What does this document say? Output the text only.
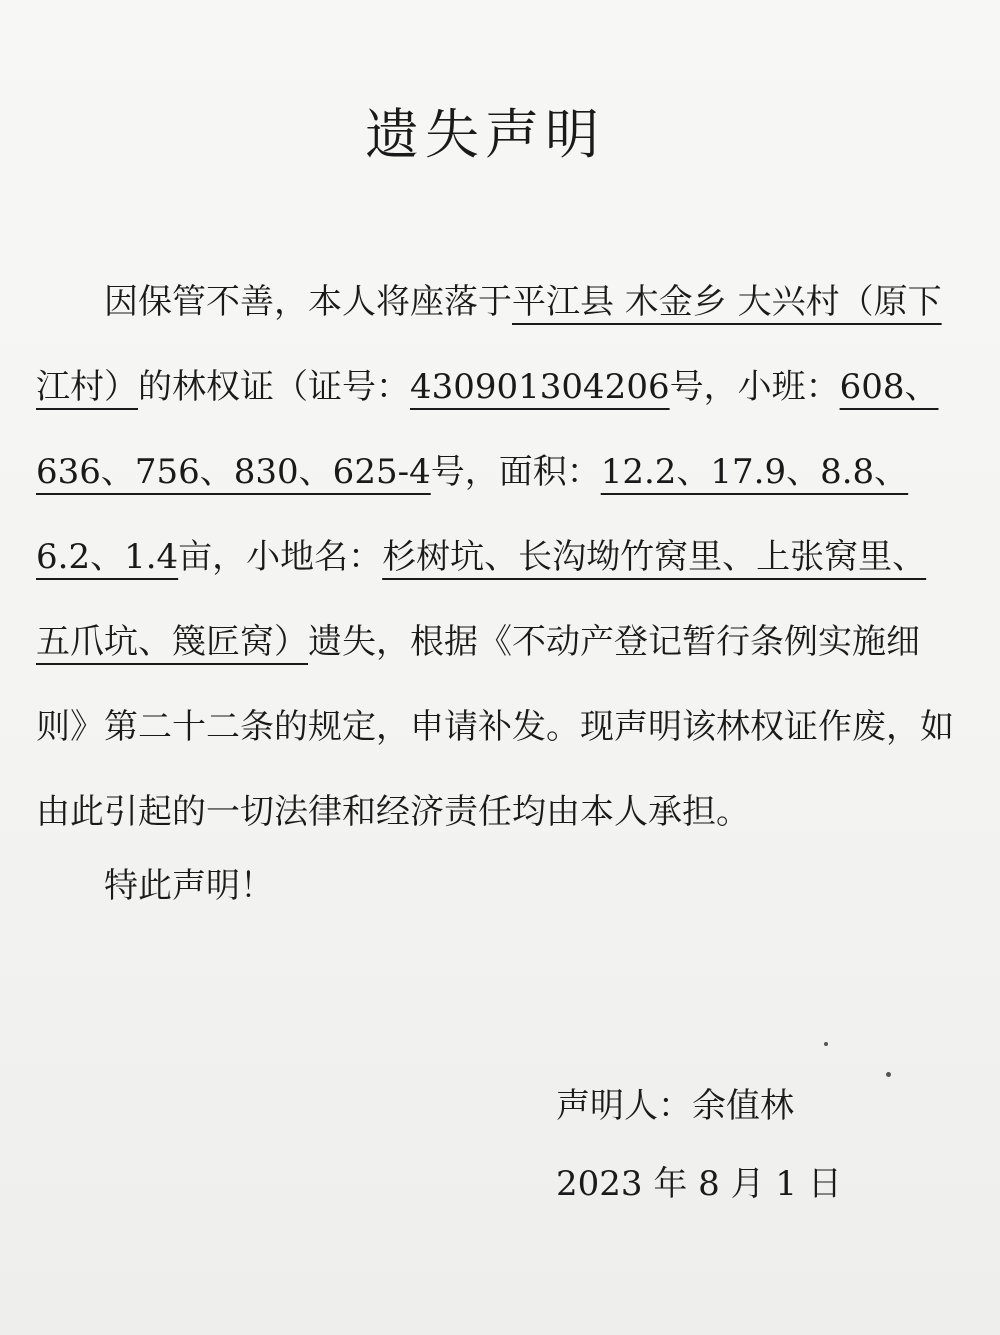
遗失声明
因保管不善，本人将座落于平江县 木金乡 大兴村（原下江村）的林权证（证号：430901304206号，小班：608、636、756、830、625-4号，面积：12.2、17.9、8.8、6.2、1.4亩，小地名：杉树坑、长沟坳竹窝里、上张窝里、五爪坑、篾匠窝）遗失，根据《不动产登记暂行条例实施细则》第二十二条的规定，申请补发。现声明该林权证作废，如由此引起的一切法律和经济责任均由本人承担。
特此声明！
声明人：余值林
2023 年 8 月 1 日
